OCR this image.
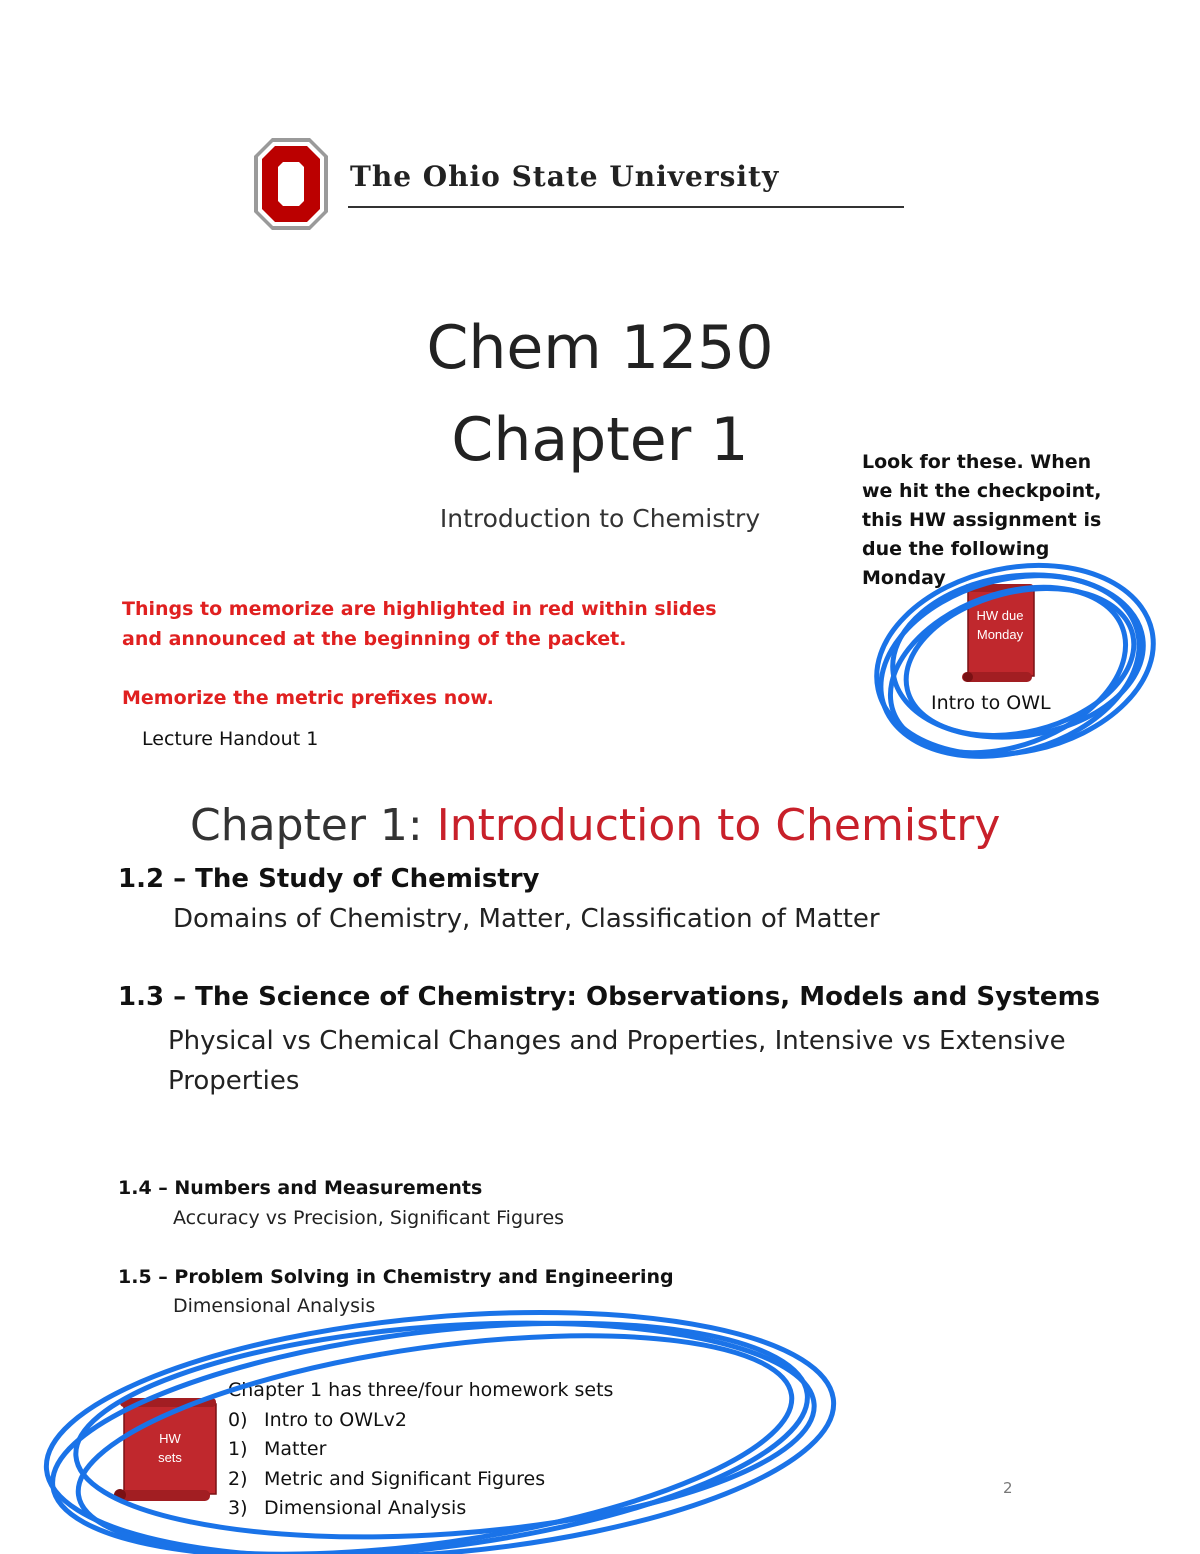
The Ohio State University
Chem 1250
Chapter 1
Introduction to Chemistry
Look for these. When we hit the checkpoint, this HW assignment is due the following Monday
HW due
Monday
Intro to OWL
Things to memorize are highlighted in red within slides and announced at the beginning of the packet.
Memorize the metric prefixes now.
Lecture Handout 1
Chapter 1: Introduction to Chemistry
1.2 – The Study of Chemistry
Domains of Chemistry, Matter, Classification of Matter
1.3 – The Science of Chemistry: Observations, Models and Systems
Physical vs Chemical Changes and Properties, Intensive vs Extensive Properties
1.4 – Numbers and Measurements
Accuracy vs Precision, Significant Figures
1.5 – Problem Solving in Chemistry and Engineering
Dimensional Analysis
HW
sets
Chapter 1 has three/four homework sets
0) Intro to OWLv2
1) Matter
2) Metric and Significant Figures
3) Dimensional Analysis
2
